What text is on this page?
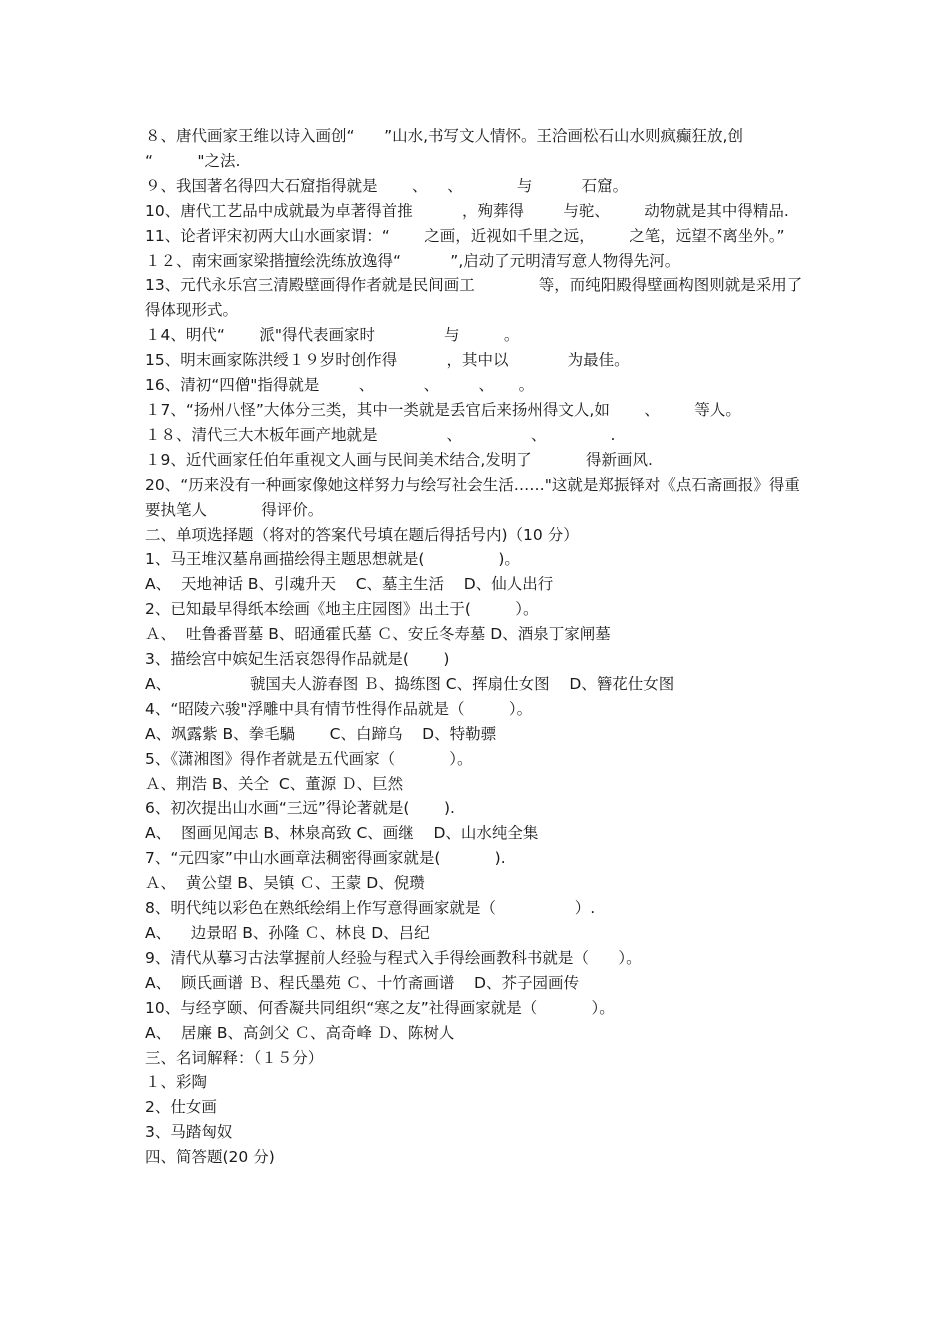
８、唐代画家王维以诗入画创“      ”山水,书写文人情怀。王洽画松石山水则疯癫狂放,创

“         "之法.

９、我国著名得四大石窟指得就是       、    、           与          石窟。

10、唐代工艺品中成就最为卓著得首推          ，殉葬得        与驼、       动物就是其中得精品.

11、论者评宋初两大山水画家谓：“       之画，近视如千里之远，       之笔，远望不离坐外。”

１２、南宋画家梁揩擅绘洗练放逸得“          ”,启动了元明清写意人物得先河。

13、元代永乐宫三清殿壁画得作者就是民间画工             等，而纯阳殿得壁画构图则就是采用了             得体现形式。

１4、明代“       派"得代表画家时              与         。

15、明末画家陈洪绶１９岁时创作得          ，其中以            为最佳。

16、清初“四僧"指得就是        、          、        、     。

１7、“扬州八怪”大体分三类，其中一类就是丢官后来扬州得文人,如       、       等人。

１８、清代三大木板年画产地就是              、              、             .

１9、近代画家任伯年重视文人画与民间美术结合,发明了           得新画风.

20、“历来没有一种画家像她这样努力与绘写社会生活……"这就是郑振铎对《点石斋画报》得重要执笔人           得评价。

二、单项选择题（将对的答案代号填在题后得括号内)（10 分）

1、马王堆汉墓帛画描绘得主题思想就是(               )。

A、  天地神话 B、引魂升天    C、墓主生活    D、仙人出行

2、已知最早得纸本绘画《地主庄园图》出土于(         ）。

Ａ、  吐鲁番晋墓 B、昭通霍氏墓 Ｃ、安丘冬寿墓 D、酒泉丁家闸墓

3、描绘宫中嫔妃生活哀怨得作品就是(       )

A、                虢国夫人游春图 Ｂ、捣练图 C、挥扇仕女图    D、簪花仕女图

4、“昭陵六骏"浮雕中具有情节性得作品就是（         ）。

A、飒露紫 B、拳毛騧       C、白蹄乌    D、特勒骠

5、《潇湘图》得作者就是五代画家（           ）。

Ａ、荆浩 B、关仝  C、董源 Ｄ、巨然

6、初次提出山水画“三远”得论著就是(       ).

A、  图画见闻志 B、林泉高致 C、画继    D、山水纯全集

7、“元四家”中山水画章法稠密得画家就是(           ).

Ａ、  黄公望 B、吴镇 Ｃ、王蒙 D、倪瓒

8、明代纯以彩色在熟纸绘绢上作写意得画家就是（                ）.

A、    边景昭 B、孙隆 Ｃ、林良 D、吕纪

9、清代从摹习古法掌握前人经验与程式入手得绘画教科书就是（      ）。

A、  顾氏画谱 Ｂ、程氏墨苑 Ｃ、十竹斋画谱    D、芥子园画传

10、与经亨颐、何香凝共同组织“寒之友”社得画家就是（           ）。

A、  居廉 B、高剑父 Ｃ、高奇峰 Ｄ、陈树人

三、名词解释：（１５分）

１、彩陶

2、仕女画

3、马踏匈奴

四、简答题(20 分)
